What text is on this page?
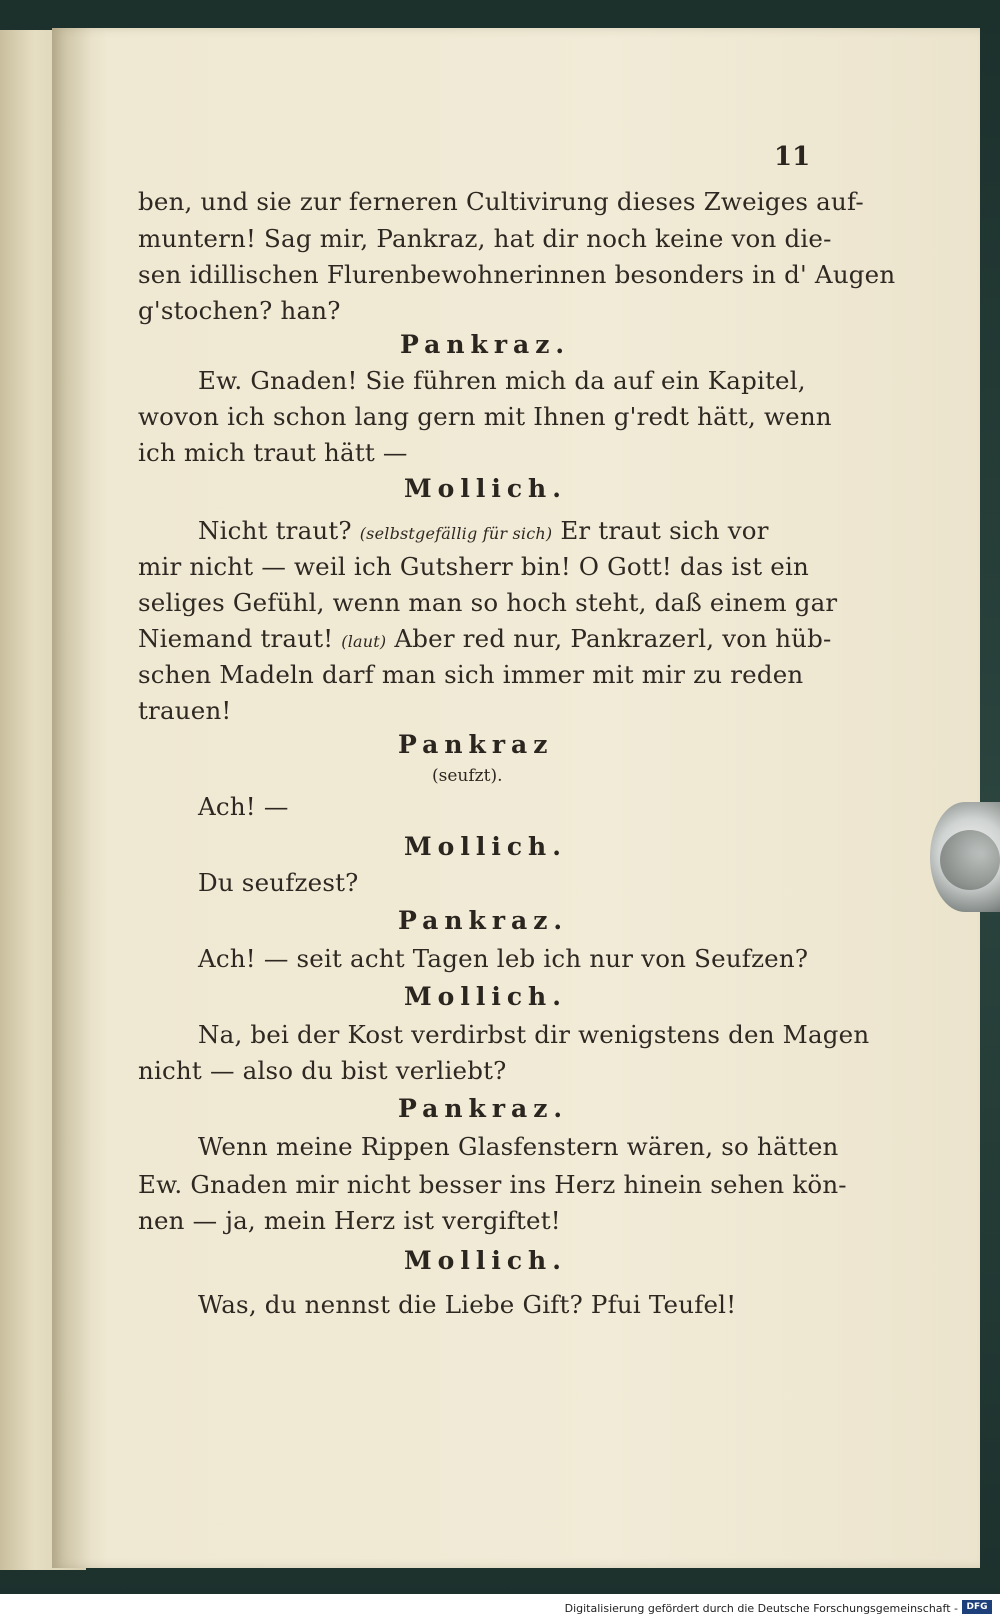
11
ben, und sie zur ferneren Cultivirung dieses Zweiges auf-
muntern! Sag mir, Pankraz, hat dir noch keine von die-
sen idillischen Flurenbewohnerinnen besonders in d' Augen
g'stochen? han?
Pankraz.
Ew. Gnaden! Sie führen mich da auf ein Kapitel,
wovon ich schon lang gern mit Ihnen g'redt hätt, wenn
ich mich traut hätt —
Mollich.
Nicht traut? (selbstgefällig für sich) Er traut sich vor
mir nicht — weil ich Gutsherr bin! O Gott! das ist ein
seliges Gefühl, wenn man so hoch steht, daß einem gar
Niemand traut! (laut) Aber red nur, Pankrazerl, von hüb-
schen Madeln darf man sich immer mit mir zu reden
trauen!
Pankraz
(seufzt).
Ach! —
Mollich.
Du seufzest?
Pankraz.
Ach! — seit acht Tagen leb ich nur von Seufzen?
Mollich.
Na, bei der Kost verdirbst dir wenigstens den Magen
nicht — also du bist verliebt?
Pankraz.
Wenn meine Rippen Glasfenstern wären, so hätten
Ew. Gnaden mir nicht besser ins Herz hinein sehen kön-
nen — ja, mein Herz ist vergiftet!
Mollich.
Was, du nennst die Liebe Gift? Pfui Teufel!
Digitalisierung gefördert durch die Deutsche Forschungsgemeinschaft - DFG
